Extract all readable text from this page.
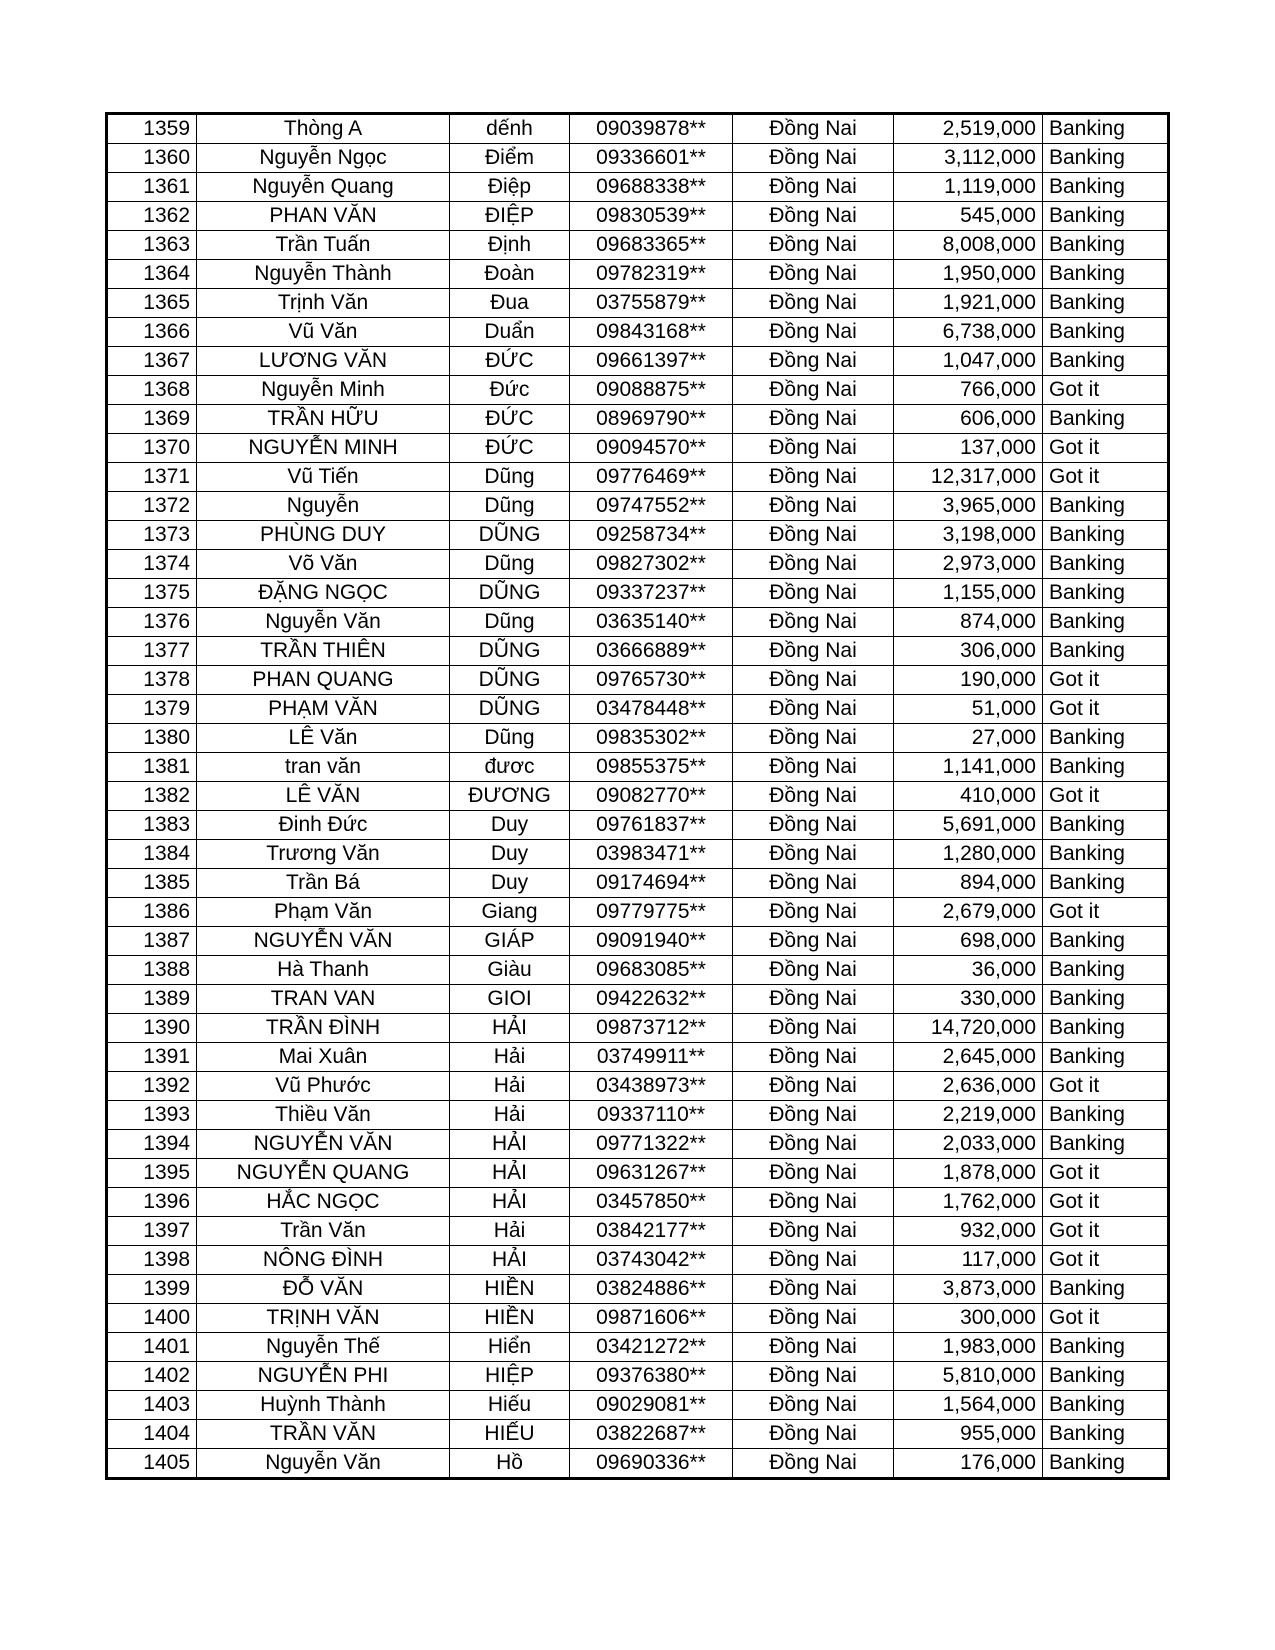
1359	Thòng A	dếnh	09039878**	Đồng Nai	2,519,000	Banking
1360	Nguyễn Ngọc	Điểm	09336601**	Đồng Nai	3,112,000	Banking
1361	Nguyễn Quang	Điệp	09688338**	Đồng Nai	1,119,000	Banking
1362	PHAN VĂN	ĐIỆP	09830539**	Đồng Nai	545,000	Banking
1363	Trần Tuấn	Định	09683365**	Đồng Nai	8,008,000	Banking
1364	Nguyễn Thành	Đoàn	09782319**	Đồng Nai	1,950,000	Banking
1365	Trịnh Văn	Đua	03755879**	Đồng Nai	1,921,000	Banking
1366	Vũ Văn	Duẩn	09843168**	Đồng Nai	6,738,000	Banking
1367	LƯƠNG VĂN	ĐỨC	09661397**	Đồng Nai	1,047,000	Banking
1368	Nguyễn Minh	Đức	09088875**	Đồng Nai	766,000	Got it
1369	TRẦN HỮU	ĐỨC	08969790**	Đồng Nai	606,000	Banking
1370	NGUYỄN MINH	ĐỨC	09094570**	Đồng Nai	137,000	Got it
1371	Vũ Tiến	Dũng	09776469**	Đồng Nai	12,317,000	Got it
1372	Nguyễn	Dũng	09747552**	Đồng Nai	3,965,000	Banking
1373	PHÙNG DUY	DŨNG	09258734**	Đồng Nai	3,198,000	Banking
1374	Võ Văn	Dũng	09827302**	Đồng Nai	2,973,000	Banking
1375	ĐẶNG NGỌC	DŨNG	09337237**	Đồng Nai	1,155,000	Banking
1376	Nguyễn Văn	Dũng	03635140**	Đồng Nai	874,000	Banking
1377	TRẦN THIÊN	DŨNG	03666889**	Đồng Nai	306,000	Banking
1378	PHAN QUANG	DŨNG	09765730**	Đồng Nai	190,000	Got it
1379	PHẠM VĂN	DŨNG	03478448**	Đồng Nai	51,000	Got it
1380	LÊ Văn	Dũng	09835302**	Đồng Nai	27,000	Banking
1381	tran văn	đươc	09855375**	Đồng Nai	1,141,000	Banking
1382	LÊ VĂN	ĐƯƠNG	09082770**	Đồng Nai	410,000	Got it
1383	Đinh Đức	Duy	09761837**	Đồng Nai	5,691,000	Banking
1384	Trương Văn	Duy	03983471**	Đồng Nai	1,280,000	Banking
1385	Trần Bá	Duy	09174694**	Đồng Nai	894,000	Banking
1386	Phạm Văn	Giang	09779775**	Đồng Nai	2,679,000	Got it
1387	NGUYỄN VĂN	GIÁP	09091940**	Đồng Nai	698,000	Banking
1388	Hà Thanh	Giàu	09683085**	Đồng Nai	36,000	Banking
1389	TRAN VAN	GIOI	09422632**	Đồng Nai	330,000	Banking
1390	TRẦN ĐÌNH	HẢI	09873712**	Đồng Nai	14,720,000	Banking
1391	Mai Xuân	Hải	03749911**	Đồng Nai	2,645,000	Banking
1392	Vũ Phước	Hải	03438973**	Đồng Nai	2,636,000	Got it
1393	Thiều Văn	Hải	09337110**	Đồng Nai	2,219,000	Banking
1394	NGUYỄN VĂN	HẢI	09771322**	Đồng Nai	2,033,000	Banking
1395	NGUYỄN QUANG	HẢI	09631267**	Đồng Nai	1,878,000	Got it
1396	HẮC NGỌC	HẢI	03457850**	Đồng Nai	1,762,000	Got it
1397	Trần Văn	Hải	03842177**	Đồng Nai	932,000	Got it
1398	NÔNG ĐÌNH	HẢI	03743042**	Đồng Nai	117,000	Got it
1399	ĐỖ VĂN	HIỀN	03824886**	Đồng Nai	3,873,000	Banking
1400	TRỊNH VĂN	HIỀN	09871606**	Đồng Nai	300,000	Got it
1401	Nguyễn Thế	Hiển	03421272**	Đồng Nai	1,983,000	Banking
1402	NGUYỄN PHI	HIỆP	09376380**	Đồng Nai	5,810,000	Banking
1403	Huỳnh Thành	Hiếu	09029081**	Đồng Nai	1,564,000	Banking
1404	TRẦN VĂN	HIẾU	03822687**	Đồng Nai	955,000	Banking
1405	Nguyễn Văn	Hồ	09690336**	Đồng Nai	176,000	Banking
